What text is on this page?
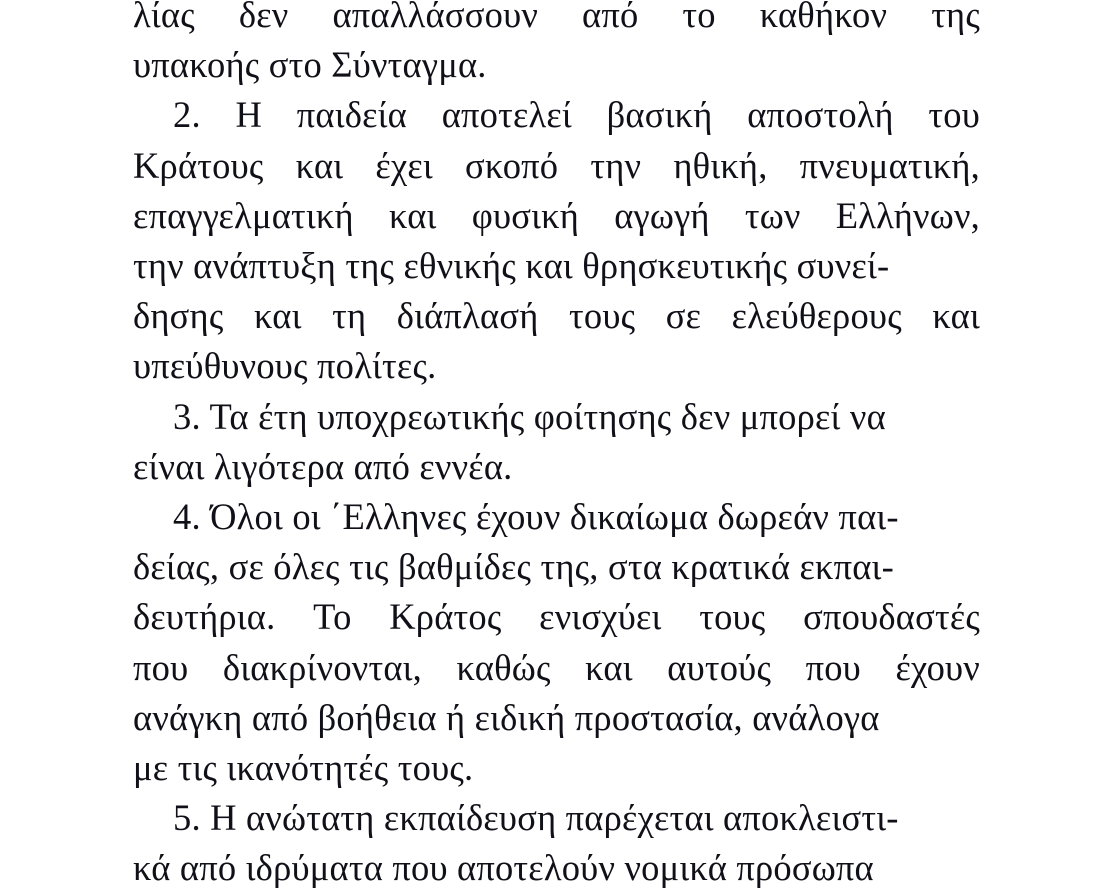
λίας δεν απαλλάσσουν από το καθήκον της
υπακοής στο Σύνταγμα.

2. Η παιδεία αποτελεί βασική αποστολή του
Κράτους και έχει σκοπό την ηθική, πνευματική,
επαγγελματική και φυσική αγωγή των Ελλήνων,
την ανάπτυξη της εθνικής και θρησκευτικής συνεί-
δησης και τη διάπλασή τους σε ελεύθερους και
υπεύθυνους πολίτες.

3. Τα έτη υποχρεωτικής φοίτησης δεν μπορεί να
είναι λιγότερα από εννέα.

4. Όλοι οι ΄Ελληνες έχουν δικαίωμα δωρεάν παι-
δείας, σε όλες τις βαθμίδες της, στα κρατικά εκπαι-
δευτήρια. Το Κράτος ενισχύει τους σπουδαστές
που διακρίνονται, καθώς και αυτούς που έχουν
ανάγκη από βοήθεια ή ειδική προστασία, ανάλογα
με τις ικανότητές τους.

5. Η ανώτατη εκπαίδευση παρέχεται αποκλειστι-
κά από ιδρύματα που αποτελούν νομικά πρόσωπα
